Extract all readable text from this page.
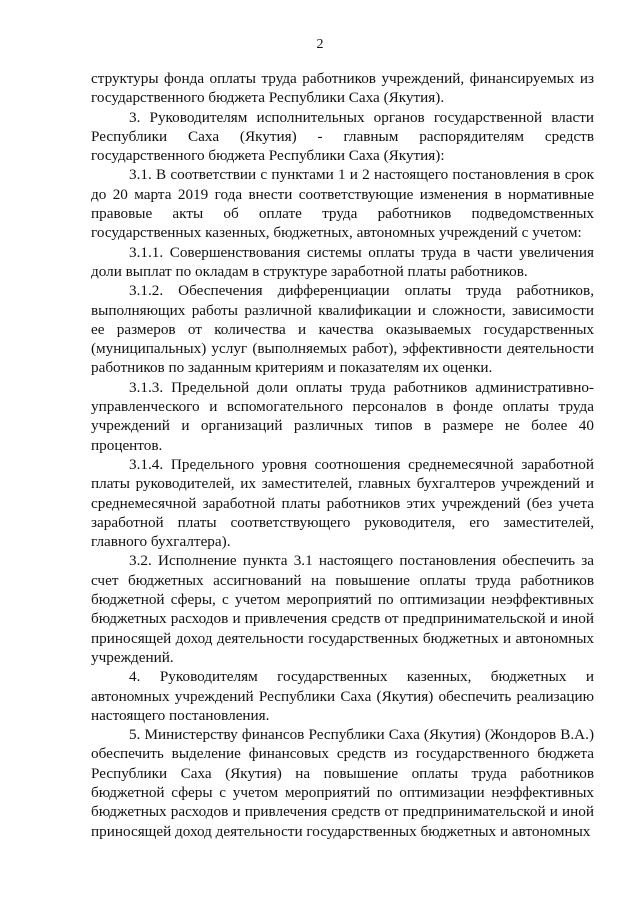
2

структуры фонда оплаты труда работников учреждений, финансируемых из государственного бюджета Республики Саха (Якутия).

3. Руководителям исполнительных органов государственной власти Республики Саха (Якутия) - главным распорядителям средств государственного бюджета Республики Саха (Якутия):

3.1. В соответствии с пунктами 1 и 2 настоящего постановления в срок до 20 марта 2019 года внести соответствующие изменения в нормативные правовые акты об оплате труда работников подведомственных государственных казенных, бюджетных, автономных учреждений с учетом:

3.1.1. Совершенствования системы оплаты труда в части увеличения доли выплат по окладам в структуре заработной платы работников.

3.1.2. Обеспечения дифференциации оплаты труда работников, выполняющих работы различной квалификации и сложности, зависимости ее размеров от количества и качества оказываемых государственных (муниципальных) услуг (выполняемых работ), эффективности деятельности работников по заданным критериям и показателям их оценки.

3.1.3. Предельной доли оплаты труда работников административно-управленческого и вспомогательного персоналов в фонде оплаты труда учреждений и организаций различных типов в размере не более 40 процентов.

3.1.4. Предельного уровня соотношения среднемесячной заработной платы руководителей, их заместителей, главных бухгалтеров учреждений и среднемесячной заработной платы работников этих учреждений (без учета заработной платы соответствующего руководителя, его заместителей, главного бухгалтера).

3.2. Исполнение пункта 3.1 настоящего постановления обеспечить за счет бюджетных ассигнований на повышение оплаты труда работников бюджетной сферы, с учетом мероприятий по оптимизации неэффективных бюджетных расходов и привлечения средств от предпринимательской и иной приносящей доход деятельности государственных бюджетных и автономных учреждений.

4. Руководителям государственных казенных, бюджетных и автономных учреждений Республики Саха (Якутия) обеспечить реализацию настоящего постановления.

5. Министерству финансов Республики Саха (Якутия) (Жондоров В.А.) обеспечить выделение финансовых средств из государственного бюджета Республики Саха (Якутия) на повышение оплаты труда работников бюджетной сферы с учетом мероприятий по оптимизации неэффективных бюджетных расходов и привлечения средств от предпринимательской и иной приносящей доход деятельности государственных бюджетных и автономных
